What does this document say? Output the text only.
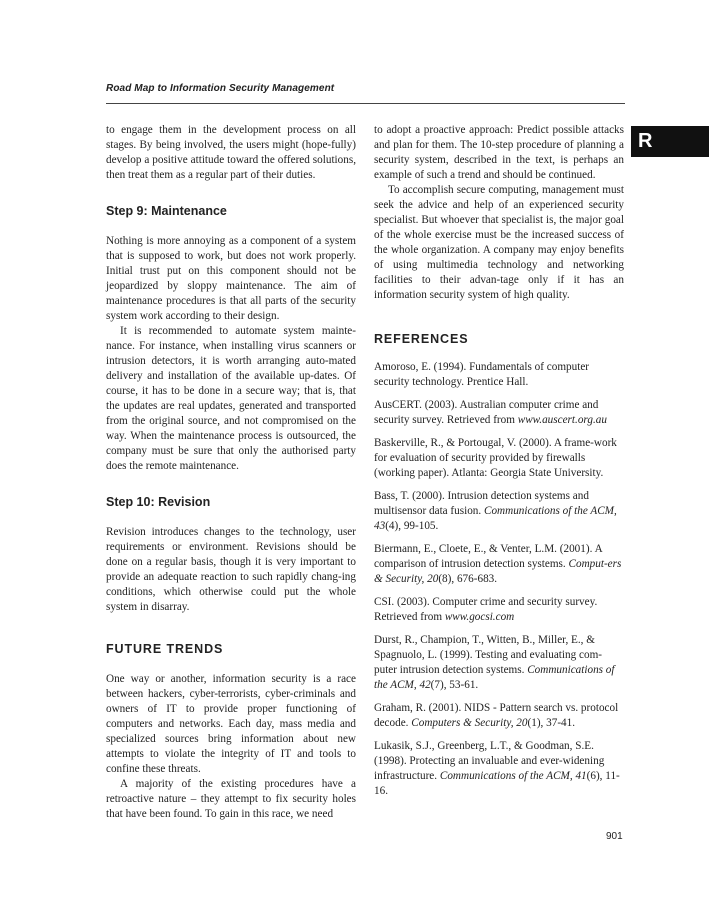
Road Map to Information Security Management
R

to engage them in the development process on all stages. By being involved, the users might (hope-fully) develop a positive attitude toward the offered solutions, then treat them as a regular part of their duties.

Step 9: Maintenance

Nothing is more annoying as a component of a system that is supposed to work, but does not work properly. Initial trust put on this component should not be jeopardized by sloppy maintenance. The aim of maintenance procedures is that all parts of the security system work according to their design.

It is recommended to automate system mainte-nance. For instance, when installing virus scanners or intrusion detectors, it is worth arranging auto-mated delivery and installation of the available up-dates. Of course, it has to be done in a secure way; that is, that the updates are real updates, generated and transported from the original source, and not compromised on the way. When the maintenance process is outsourced, the company must be sure that only the authorised party does the remote maintenance.

Step 10: Revision

Revision introduces changes to the technology, user requirements or environment. Revisions should be done on a regular basis, though it is very important to provide an adequate reaction to such rapidly chang-ing conditions, which otherwise could put the whole system in disarray.

FUTURE TRENDS

One way or another, information security is a race between hackers, cyber-terrorists, cyber-criminals and owners of IT to provide proper functioning of computers and networks. Each day, mass media and specialized sources bring information about new attempts to violate the integrity of IT and tools to confine these threats.

A majority of the existing procedures have a retroactive nature – they attempt to fix security holes that have been found. To gain in this race, we need

to adopt a proactive approach: Predict possible attacks and plan for them. The 10-step procedure of planning a security system, described in the text, is perhaps an example of such a trend and should be continued.

To accomplish secure computing, management must seek the advice and help of an experienced security specialist. But whoever that specialist is, the major goal of the whole exercise must be the increased success of the whole organization. A company may enjoy benefits of using multimedia technology and networking facilities to their advan-tage only if it has an information security system of high quality.

REFERENCES

Amoroso, E. (1994). Fundamentals of computer security technology. Prentice Hall.

AusCERT. (2003). Australian computer crime and security survey. Retrieved from www.auscert.org.au

Baskerville, R., & Portougal, V. (2000). A frame-work for evaluation of security provided by firewalls (working paper). Atlanta: Georgia State University.

Bass, T. (2000). Intrusion detection systems and multisensor data fusion. Communications of the ACM, 43(4), 99-105.

Biermann, E., Cloete, E., & Venter, L.M. (2001). A comparison of intrusion detection systems. Comput-ers & Security, 20(8), 676-683.

CSI. (2003). Computer crime and security survey. Retrieved from www.gocsi.com

Durst, R., Champion, T., Witten, B., Miller, E., & Spagnuolo, L. (1999). Testing and evaluating com-puter intrusion detection systems. Communications of the ACM, 42(7), 53-61.

Graham, R. (2001). NIDS - Pattern search vs. protocol decode. Computers & Security, 20(1), 37-41.

Lukasik, S.J., Greenberg, L.T., & Goodman, S.E. (1998). Protecting an invaluable and ever-widening infrastructure. Communications of the ACM, 41(6), 11-16.

901
